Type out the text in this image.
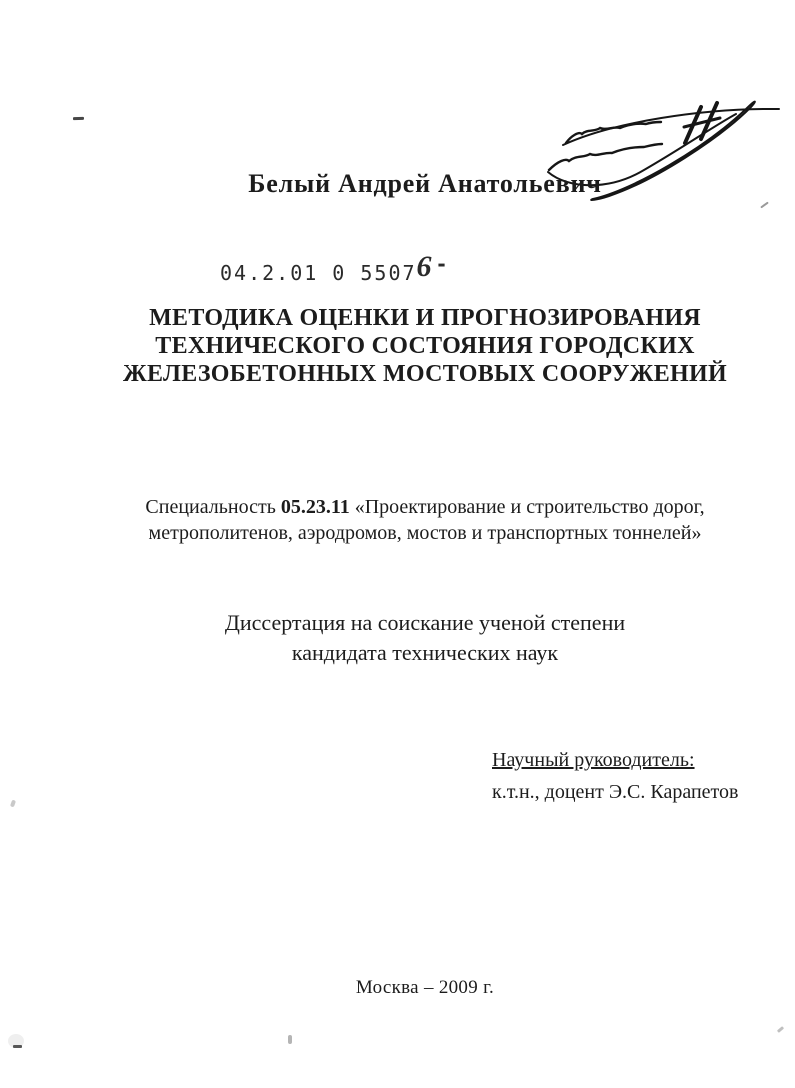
Белый Андрей Анатольевич
04.2.01 0 55076 -
МЕТОДИКА ОЦЕНКИ И ПРОГНОЗИРОВАНИЯ
ТЕХНИЧЕСКОГО СОСТОЯНИЯ ГОРОДСКИХ
ЖЕЛЕЗОБЕТОННЫХ МОСТОВЫХ СООРУЖЕНИЙ
Специальность 05.23.11 «Проектирование и строительство дорог,
метрополитенов, аэродромов, мостов и транспортных тоннелей»
Диссертация на соискание ученой степени
кандидата технических наук
Научный руководитель:
к.т.н., доцент Э.С. Карапетов
Москва – 2009 г.
